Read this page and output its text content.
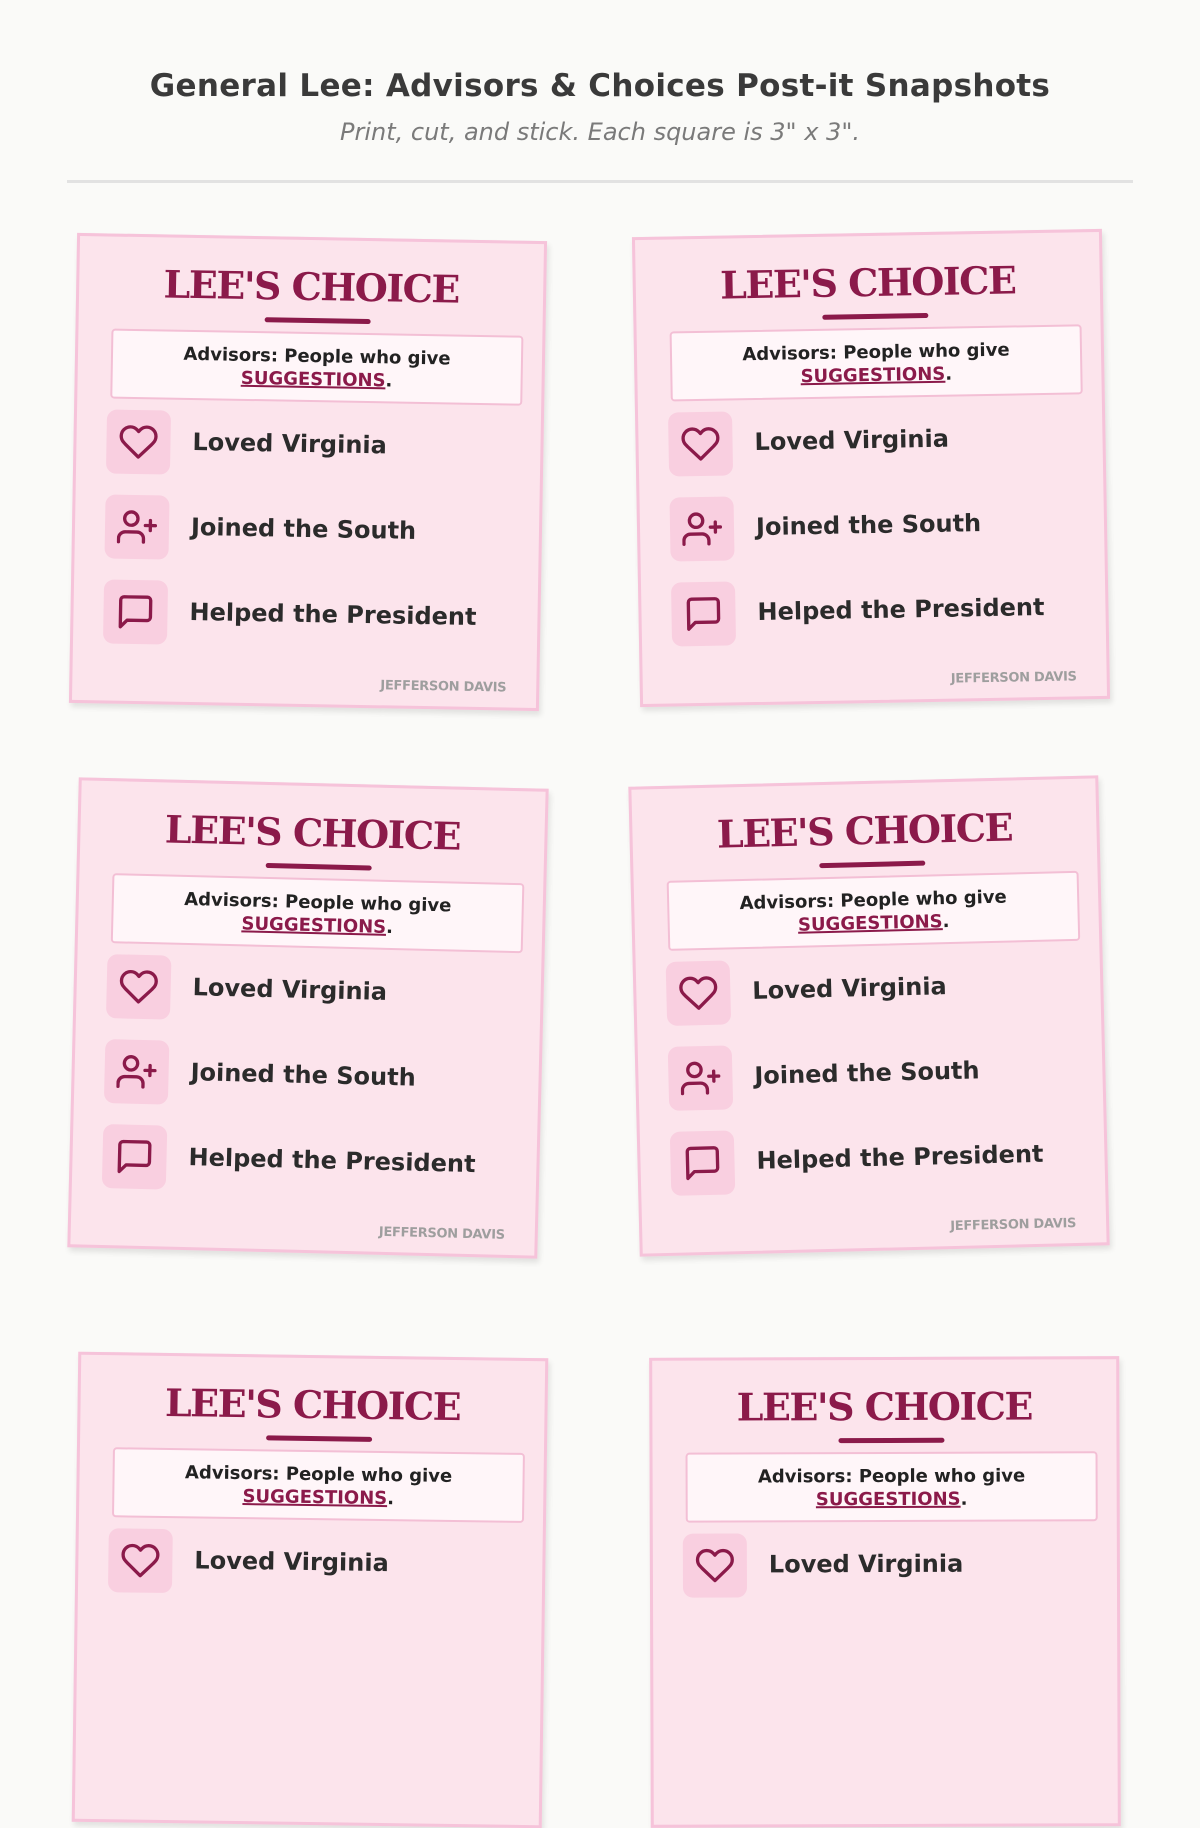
General Lee: Advisors & Choices Post-it Snapshots
Print, cut, and stick. Each square is 3" x 3".
LEE'S CHOICE
Advisors: People who give
SUGGESTIONS.
Loved Virginia
Joined the South
Helped the President
JEFFERSON DAVIS
LEE'S CHOICE
Advisors: People who give
SUGGESTIONS.
Loved Virginia
Joined the South
Helped the President
JEFFERSON DAVIS
LEE'S CHOICE
Advisors: People who give
SUGGESTIONS.
Loved Virginia
Joined the South
Helped the President
JEFFERSON DAVIS
LEE'S CHOICE
Advisors: People who give
SUGGESTIONS.
Loved Virginia
Joined the South
Helped the President
JEFFERSON DAVIS
LEE'S CHOICE
Advisors: People who give
SUGGESTIONS.
Loved Virginia
LEE'S CHOICE
Advisors: People who give
SUGGESTIONS.
Loved Virginia
